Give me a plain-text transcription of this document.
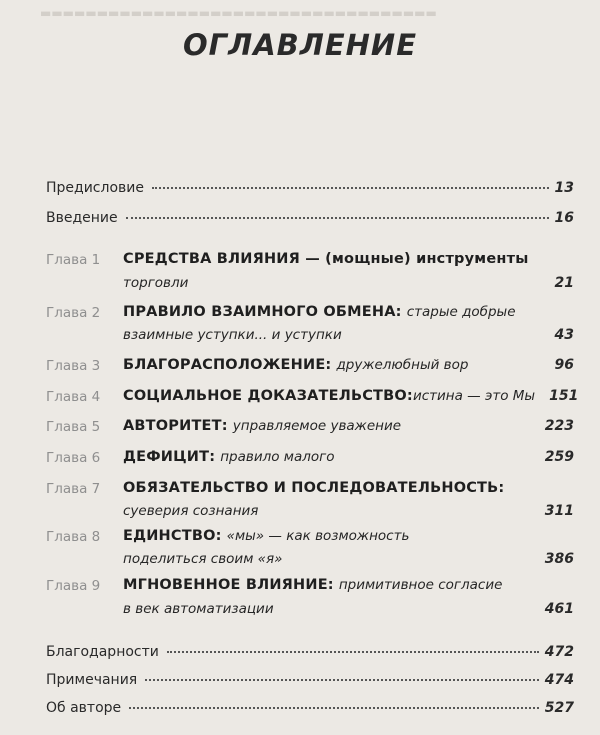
▬▬▬▬▬▬▬▬▬▬▬▬▬▬▬▬▬▬▬▬▬▬▬▬▬▬▬▬▬▬▬▬▬▬▬
ОГЛАВЛЕНИЕ
Предисловие	13
Введение	16
Глава 1 СРЕДСТВА ВЛИЯНИЯ — (мощные) инструменты
торговли	21
Глава 2 ПРАВИЛО ВЗАИМНОГО ОБМЕНА: старые добрые
взаимные уступки... и уступки	43
Глава 3 БЛАГОРАСПОЛОЖЕНИЕ: дружелюбный вор	96
Глава 4 СОЦИАЛЬНОЕ ДОКАЗАТЕЛЬСТВО: истина — это Мы 151
Глава 5 АВТОРИТЕТ: управляемое уважение	223
Глава 6 ДЕФИЦИТ: правило малого	259
Глава 7 ОБЯЗАТЕЛЬСТВО И ПОСЛЕДОВАТЕЛЬНОСТЬ:
суеверия сознания	311
Глава 8 ЕДИНСТВО: «мы» — как возможность
поделиться своим «я»	386
Глава 9 МГНОВЕННОЕ ВЛИЯНИЕ: примитивное согласие
в век автоматизации	461
Благодарности	472
Примечания	474
Об авторе	527
